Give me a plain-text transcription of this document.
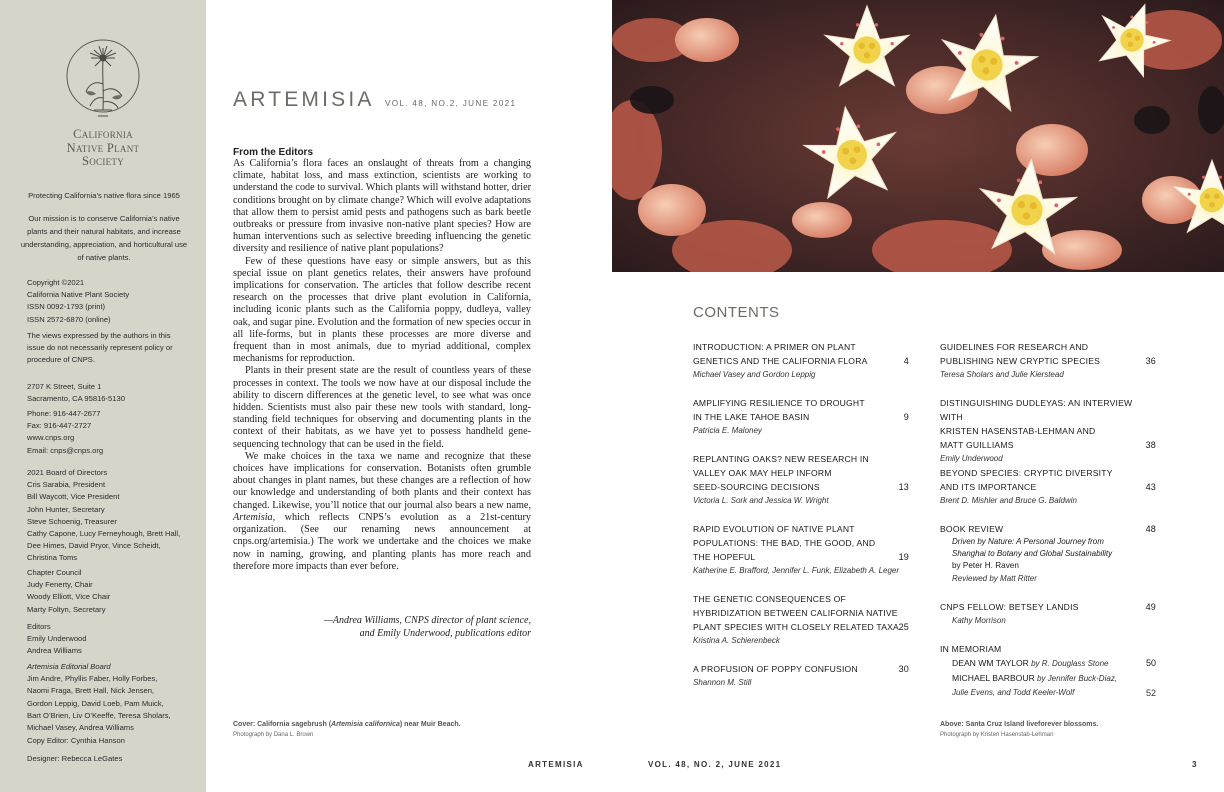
California
Native Plant
Society
Protecting California’s native flora since 1965
Our mission is to conserve California’s native plants and their natural habitats, and increase understanding, appreciation, and horticultural use of native plants.
Copyright ©2021
California Native Plant Society
ISSN 0092-1793 (print)
ISSN 2572-6870 (online)
The views expressed by the authors in this issue do not necessarily represent policy or procedure of CNPS.
2707 K Street, Suite 1
Sacramento, CA 95816-5130
Phone: 916-447-2677
Fax: 916-447-2727
www.cnps.org
Email: cnps@cnps.org
2021 Board of Directors
Cris Sarabia, President
Bill Waycott, Vice President
John Hunter, Secretary
Steve Schoenig, Treasurer
Cathy Capone, Lucy Ferneyhough, Brett Hall,
Dee Himes, David Pryor, Vince Scheidt,
Christina Toms
Chapter Council
Judy Fenerty, Chair
Woody Elliott, Vice Chair
Marty Foltyn, Secretary
Editors
Emily Underwood
Andrea Williams
Artemisia Editorial Board
Jim Andre, Phyllis Faber, Holly Forbes,
Naomi Fraga, Brett Hall, Nick Jensen,
Gordon Leppig, David Loeb, Pam Muick,
Bart O’Brien, Liv O’Keeffe, Teresa Sholars,
Michael Vasey, Andrea Williams
Copy Editor: Cynthia Hanson
Designer: Rebecca LeGates
ARTEMISIA VOL. 48, NO.2, JUNE 2021
From the Editors

As California’s flora faces an onslaught of threats from a changing climate, habitat loss, and mass extinction, scientists are working to understand the code to survival. Which plants will withstand hotter, drier conditions brought on by climate change? Which will evolve adaptations that allow them to persist amid pests and pathogens such as bark beetle outbreaks or pressure from invasive non-native plant species? How are human interventions such as selective breeding influencing the genetic diversity and resilience of native plant populations?

Few of these questions have easy or simple answers, but as this special issue on plant genetics relates, their answers have profound implications for conservation. The articles that follow describe recent research on the processes that drive plant evolution in California, including iconic plants such as the California poppy, dudleya, valley oak, and sugar pine. Evolution and the formation of new species occur in all life-forms, but in plants these processes are more diverse and frequent than in most animals, due to myriad additional, complex mechanisms for reproduction.

Plants in their present state are the result of countless years of these processes in context. The tools we now have at our disposal include the ability to discern differences at the genetic level, to see what was once hidden. Scientists must also pair these new tools with standard, long-standing field techniques for observing and documenting plants in the context of their habitats, as we have yet to possess handheld gene-sequencing technology that can be used in the field.

We make choices in the taxa we name and recognize that these choices have implications for conservation. Botanists often grumble about changes in plant names, but these changes are a reflection of how our knowledge and understanding of both plants and their context has changed. Likewise, you’ll notice that our journal also bears a new name, Artemisia, which reflects CNPS’s evolution as a 21st-century organization. (See our renaming news announcement at cnps.org/artemisia.) The work we undertake and the choices we make now in naming, growing, and planting plants has more reach and therefore more impacts than ever before.

—Andrea Williams, CNPS director of plant science,
and Emily Underwood, publications editor
Cover: California sagebrush (Artemisia californica) near Muir Beach.
Photograph by Dana L. Brown
CONTENTS
INTRODUCTION: A PRIMER ON PLANT
GENETICS AND THE CALIFORNIA FLORA	4
Michael Vasey and Gordon Leppig
AMPLIFYING RESILIENCE TO DROUGHT
IN THE LAKE TAHOE BASIN	9
Patricia E. Maloney
REPLANTING OAKS? NEW RESEARCH IN
VALLEY OAK MAY HELP INFORM
SEED-SOURCING DECISIONS	13
Victoria L. Sork and Jessica W. Wright
RAPID EVOLUTION OF NATIVE PLANT
POPULATIONS: THE BAD, THE GOOD, AND
THE HOPEFUL	19
Katherine E. Brafford, Jennifer L. Funk, Elizabeth A. Leger
THE GENETIC CONSEQUENCES OF
HYBRIDIZATION BETWEEN CALIFORNIA NATIVE
PLANT SPECIES WITH CLOSELY RELATED TAXA 25
Kristina A. Schierenbeck
A PROFUSION OF POPPY CONFUSION	30
Shannon M. Still
GUIDELINES FOR RESEARCH AND
PUBLISHING NEW CRYPTIC SPECIES	36
Teresa Sholars and Julie Kierstead
DISTINGUISHING DUDLEYAS: AN INTERVIEW WITH
KRISTEN HASENSTAB-LEHMAN AND
MATT GUILLIAMS	38
Emily Underwood
BEYOND SPECIES: CRYPTIC DIVERSITY
AND ITS IMPORTANCE	43
Brent D. Mishler and Bruce G. Baldwin
BOOK REVIEW	48
Driven by Nature: A Personal Journey from
Shanghai to Botany and Global Sustainability
by Peter H. Raven
Reviewed by Matt Ritter
CNPS FELLOW: BETSEY LANDIS	49
Kathy Morrison
IN MEMORIAM
DEAN WM TAYLOR by R. Douglass Stone	50
MICHAEL BARBOUR by Jennifer Buck-Diaz,
Julie Evens, and Todd Keeler-Wolf	52
Above: Santa Cruz Island liveforever blossoms.
Photograph by Kristen Hasenstab-Lehman
ARTEMISIA	VOL. 48, NO. 2, JUNE 2021	3
